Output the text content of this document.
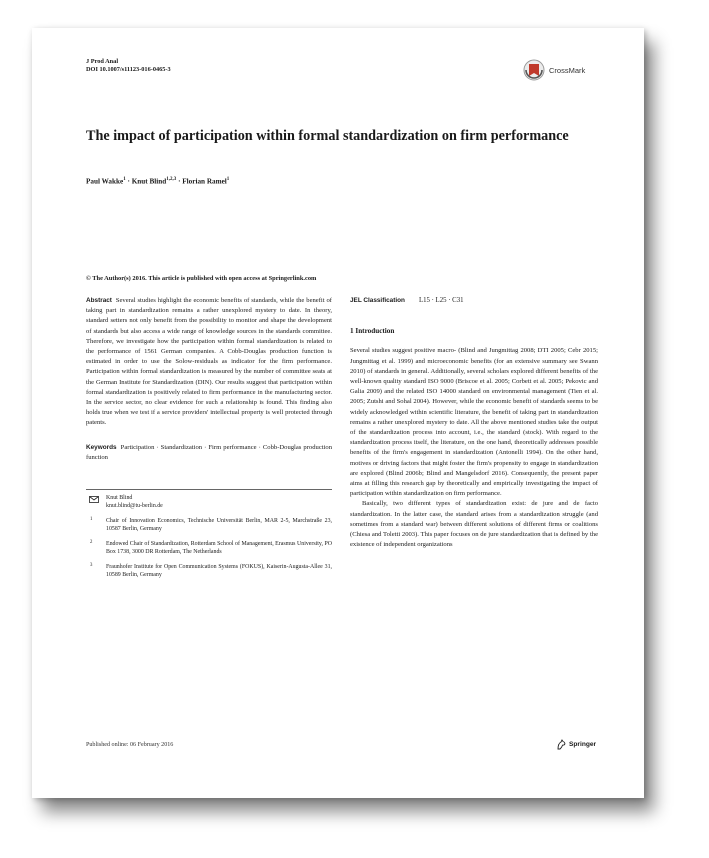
J Prod Anal
DOI 10.1007/s11123-016-0465-3	CrossMark
The impact of participation within formal standardization on firm performance
Paul Wakke$^1$ · Knut Blind$^{1,2,3}$ · Florian Ramel$^1$
© The Author(s) 2016. This article is published with open access at Springerlink.com
Abstract Several studies highlight the economic benefits of standards, while the benefit of taking part in standardization remains a rather unexplored mystery to date. In theory, standard setters not only benefit from the possibility to monitor and shape the development of standards but also access a wide range of knowledge sources in the standards committee. Therefore, we investigate how the participation within formal standardization is related to the performance of 1561 German companies. A Cobb-Douglas production function is estimated in order to use the Solow-residuals as indicator for the firm performance. Participation within formal standardization is measured by the number of committee seats at the German Institute for Standardization (DIN). Our results suggest that participation within formal standardization is positively related to firm performance in the manufacturing sector. In the service sector, no clear evidence for such a relationship is found. This finding also holds true when we test if a service providers' intellectual property is well protected through patents.
Keywords Participation · Standardization · Firm performance · Cobb-Douglas production function
Knut Blind
knut.blind@tu-berlin.de
1 Chair of Innovation Economics, Technische Universität Berlin, MAR 2-5, Marchstraße 23, 10587 Berlin, Germany
2 Endowed Chair of Standardization, Rotterdam School of Management, Erasmus University, PO Box 1738, 3000 DR Rotterdam, The Netherlands
3 Fraunhofer Institute for Open Communication Systems (FOKUS), Kaiserin-Augusta-Allee 31, 10589 Berlin, Germany
JEL Classification L15 · L25 · C31
1 Introduction
Several studies suggest positive macro- (Blind and Jungmittag 2008; DTI 2005; Cebr 2015; Jungmittag et al. 1999) and microeconomic benefits (for an extensive summary see Swann 2010) of standards in general. Additionally, several scholars explored different benefits of the well-known quality standard ISO 9000 (Briscoe et al. 2005; Corbett et al. 2005; Pekovic and Galia 2009) and the related ISO 14000 standard on environmental management (Tien et al. 2005; Zutshi and Sohal 2004). However, while the economic benefit of standards seems to be widely acknowledged within scientific literature, the benefit of taking part in standardization remains a rather unexplored mystery to date. All the above mentioned studies take the output of the standardization process into account, i.e., the standard (stock). With regard to the standardization process itself, the literature, on the one hand, theoretically addresses possible benefits of the firm's engagement in standardization (Antonelli 1994). On the other hand, motives or driving factors that might foster the firm's propensity to engage in standardization are explored (Blind 2006b; Blind and Mangelsdorf 2016). Consequently, the present paper aims at filling this research gap by theoretically and empirically investigating the impact of participation within standardization on firm performance.
Basically, two different types of standardization exist: de jure and de facto standardization. In the latter case, the standard arises from a standardization struggle (and sometimes from a standard war) between different solutions of different firms or coalitions (Chiesa and Toletti 2003). This paper focuses on de jure standardization that is defined by the existence of independent organizations
Published online: 06 February 2016	Springer
